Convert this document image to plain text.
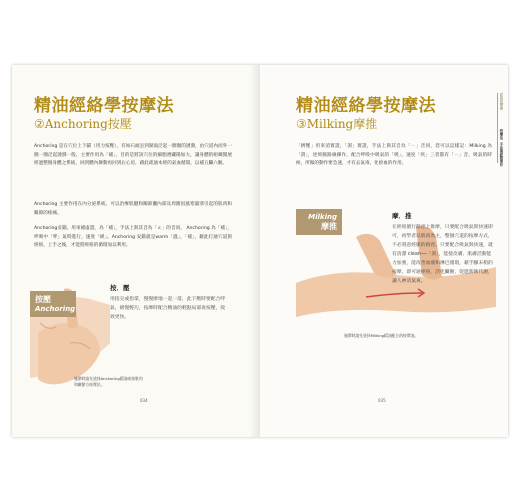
精油經絡學按摩法
②Anchoring按壓

Anchoring 是在穴位上下錨（用力按壓），有如石頭丟到湖面泛起一圈圈的漣漪，由穴道內而外一圈一圈泛起漣漪一般，主要作用為「補」，目的是將該穴位的細胞潛藏陽加大，讓身體的組織開展經過整個身體之系統，回到體內舞動再回到右心房，藉此疏通本經的氣血循環，以補五臟六腑。

Anchoring 主要作用在內分泌系統，可以治療肌腱和關節囊內部及周圍因風寒濕邪引起的肌肉和關節的疼痛。

Anchoring妥錨，用來補虛證，為「補」，手法上與其音為「ㄠ」的音同。 Anchoring 為「補」，呼吸中「呼」氣時進行，速度「緩」。Anchoring 安錨就是warm「溫」，「補」，藉此打通穴道與經絡，上手之後，才能將經絡的循環加以利用。

按．壓
用指尖或指掌，慢慢摩地一起一落，此下壓時要配合呼氣，緩慢輕巧，按摩時配合精油的輕點局部再按壓，收效更快。
按壓
Anchoring
施摩時請先塗抹Anchoring精油或按肌肉和關節方按摩法。
034
經絡按摩操
按摩法．手法與經絡實作
精油經絡學按摩法
③Milking摩推

「擠壓」用來消實證，「瀉」實證，手法上與其音為「ㄧ」音同，您可以這樣記：Milking 為「瀉」，逆經脈路線操作，配合呼吸中吸氣的「吸」，速度「疾」三者都有「ㄧ」音，吸氣的時候，所做的動作要急速，才有去氣毒，化瘀血的作用。

Milking
摩推
摩．推
在經絡循行路徑上推摩，只要配合吸氣與快速即可，初學者以肌肉為主，整個穴道的按摩方式，不必刻意經脈的路徑。只要配合吸氣與快速，就有清潔 clean──「瀉」，能使皮膚、肌膚活動能力加強，能改善血液和淋巴循環，藉手腳末梢的按摩，即可通經絡，活化臟腑，促進新陳代謝，讓人神清氣爽。
施摩時請先塗抹Milking精油配方的按摩油。
035
